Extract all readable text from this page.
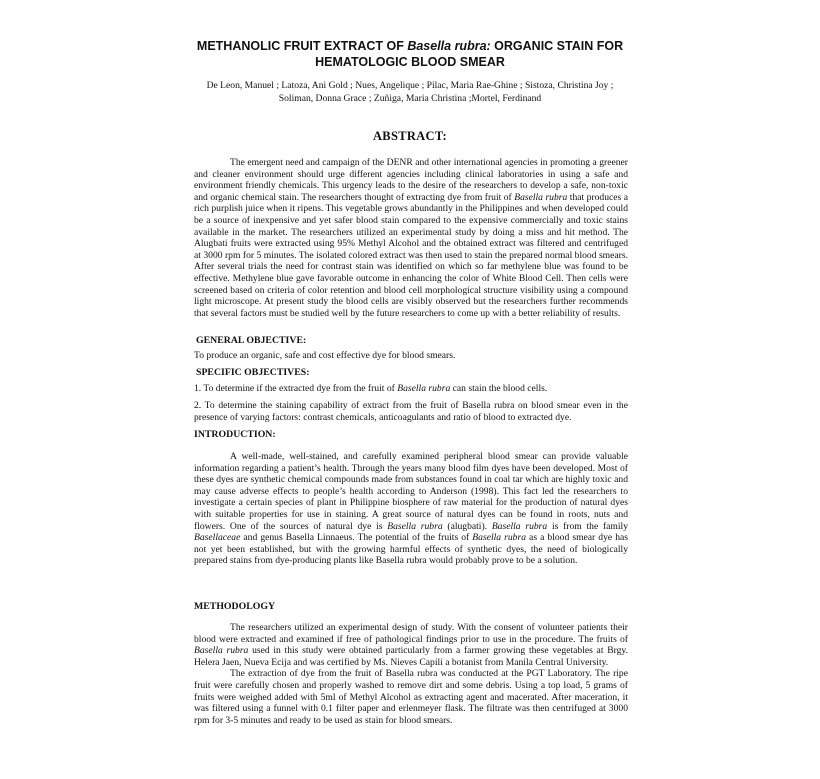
METHANOLIC FRUIT EXTRACT OF Basella rubra: ORGANIC STAIN FOR HEMATOLOGIC BLOOD SMEAR
De Leon, Manuel ; Latoza, Ani Gold ; Nues, Angelique ; Pilac, Maria Rae-Ghine ; Sistoza, Christina Joy ; Soliman, Donna Grace ; Zuñiga, Maria Christina ;Mortel, Ferdinand
ABSTRACT:

The emergent need and campaign of the DENR and other international agencies in promoting a greener and cleaner environment should urge different agencies including clinical laboratories in using a safe and environment friendly chemicals. This urgency leads to the desire of the researchers to develop a safe, non-toxic and organic chemical stain. The researchers thought of extracting dye from fruit of Basella rubra that produces a rich purplish juice when it ripens. This vegetable grows abundantly in the Philippines and when developed could be a source of inexpensive and yet safer blood stain compared to the expensive commercially and toxic stains available in the market. The researchers utilized an experimental study by doing a miss and hit method. The Alugbati fruits were extracted using 95% Methyl Alcohol and the obtained extract was filtered and centrifuged at 3000 rpm for 5 minutes. The isolated colored extract was then used to stain the prepared normal blood smears. After several trials the need for contrast stain was identified on which so far methylene blue was found to be effective. Methylene blue gave favorable outcome in enhancing the color of White Blood Cell. Then cells were screened based on criteria of color retention and blood cell morphological structure visibility using a compound light microscope. At present study the blood cells are visibly observed but the researchers further recommends that several factors must be studied well by the future researchers to come up with a better reliability of results.

GENERAL OBJECTIVE:
To produce an organic, safe and cost effective dye for blood smears.
SPECIFIC OBJECTIVES:
1. To determine if the extracted dye from the fruit of Basella rubra can stain the blood cells.
2. To determine the staining capability of extract from the fruit of Basella rubra on blood smear even in the presence of varying factors: contrast chemicals, anticoagulants and ratio of blood to extracted dye.
INTRODUCTION:

A well-made, well-stained, and carefully examined peripheral blood smear can provide valuable information regarding a patient’s health. Through the years many blood film dyes have been developed. Most of these dyes are synthetic chemical compounds made from substances found in coal tar which are highly toxic and may cause adverse effects to people’s health according to Anderson (1998). This fact led the researchers to investigate a certain species of plant in Philippine biosphere of raw material for the production of natural dyes with suitable properties for use in staining. A great source of natural dyes can be found in roots, nuts and flowers. One of the sources of natural dye is Basella rubra (alugbati). Basella rubra is from the family Basellaceae and genus Basella Linnaeus. The potential of the fruits of Basella rubra as a blood smear dye has not yet been established, but with the growing harmful effects of synthetic dyes, the need of biologically prepared stains from dye-producing plants like Basella rubra would probably prove to be a solution.

METHODOLOGY

The researchers utilized an experimental design of study. With the consent of volunteer patients their blood were extracted and examined if free of pathological findings prior to use in the procedure. The fruits of Basella rubra used in this study were obtained particularly from a farmer growing these vegetables at Brgy. Helera Jaen, Nueva Ecija and was certified by Ms. Nieves Capili a botanist from Manila Central University.

The extraction of dye from the fruit of Basella rubra was conducted at the PGT Laboratory. The ripe fruit were carefully chosen and properly washed to remove dirt and some debris. Using a top load, 5 grams of fruits were weighed added with 5ml of Methyl Alcohol as extracting agent and macerated. After maceration, it was filtered using a funnel with 0.1 filter paper and erlenmeyer flask. The filtrate was then centrifuged at 3000 rpm for 3-5 minutes and ready to be used as stain for blood smears.
